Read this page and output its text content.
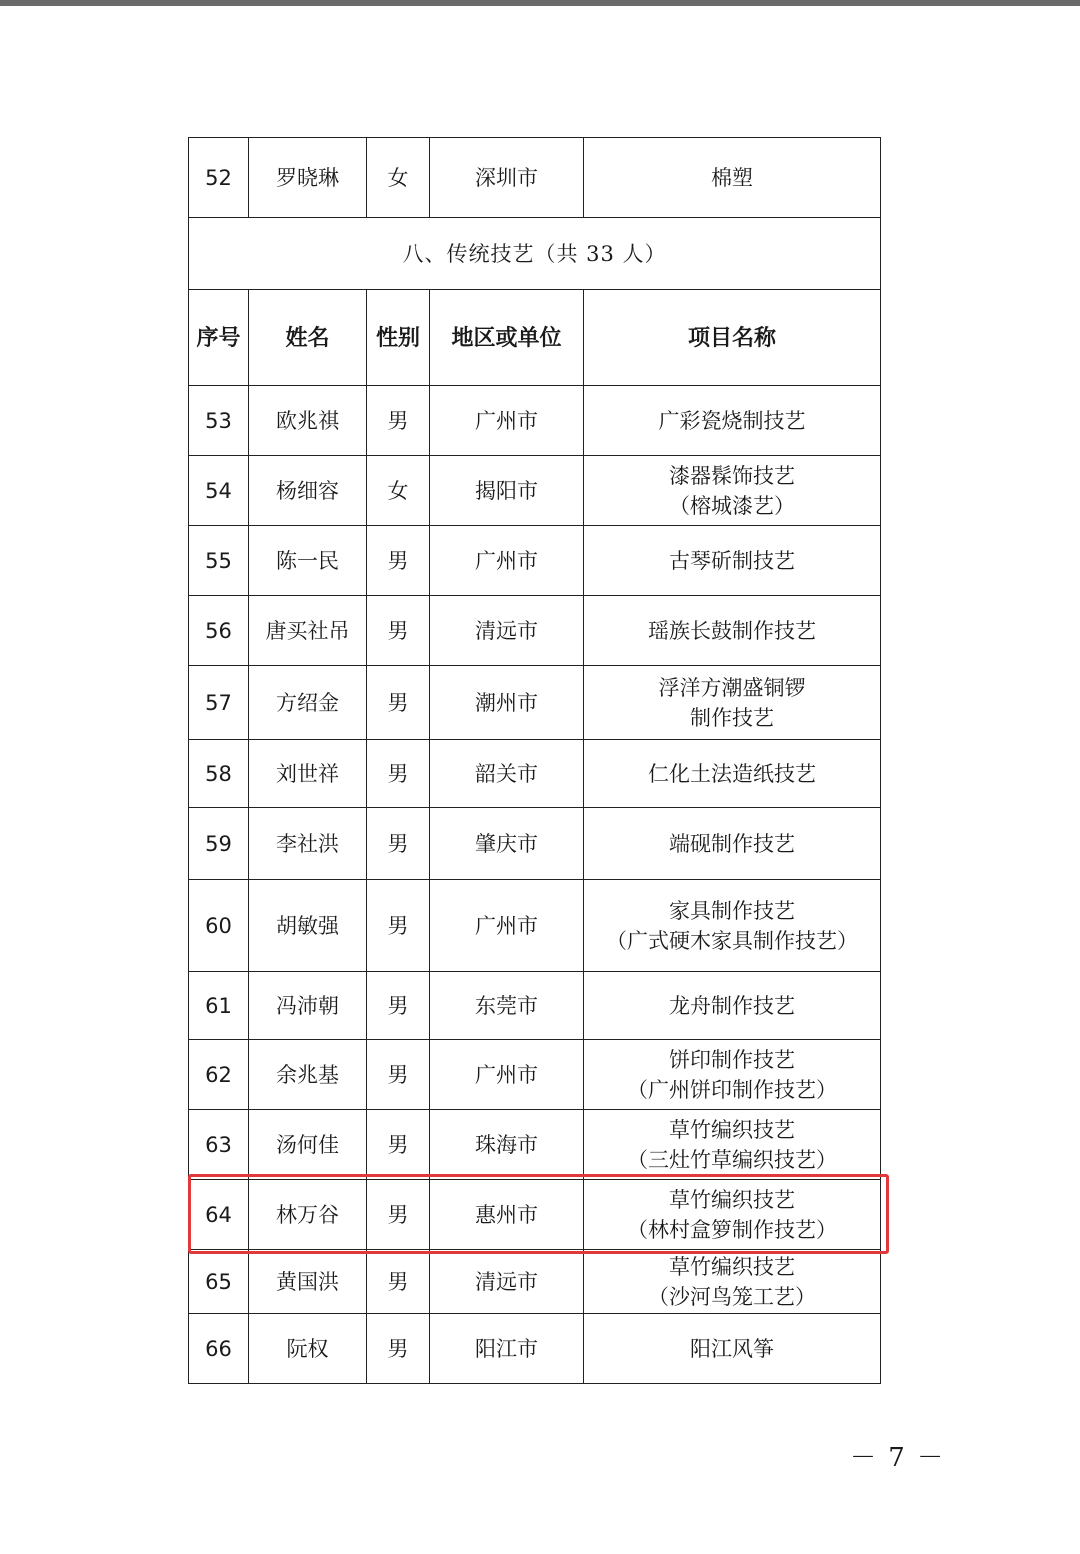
52	罗晓琳	女	深圳市	棉塑
八、传统技艺（共 33 人）				
序号	姓名	性别	地区或单位	项目名称
53	欧兆祺	男	广州市	广彩瓷烧制技艺

54	杨细容	女	揭阳市	漆器髹饰技艺
（榕城漆艺）

55	陈一民	男	广州市	古琴斫制技艺

56	唐买社吊	男	清远市	瑶族长鼓制作技艺

57	方绍金	男	潮州市	浮洋方潮盛铜锣
制作技艺

58	刘世祥	男	韶关市	仁化土法造纸技艺

59	李社洪	男	肇庆市	端砚制作技艺

60	胡敏强	男	广州市	家具制作技艺
（广式硬木家具制作技艺）

61	冯沛朝	男	东莞市	龙舟制作技艺

62	余兆基	男	广州市	饼印制作技艺
（广州饼印制作技艺）

63	汤何佳	男	珠海市	草竹编织技艺
（三灶竹草编织技艺）

64	林万谷	男	惠州市	草竹编织技艺
（林村盒箩制作技艺）

65	黄国洪	男	清远市	草竹编织技艺
（沙河鸟笼工艺）

66	阮权	男	阳江市	阳江风筝
－ 7 －
